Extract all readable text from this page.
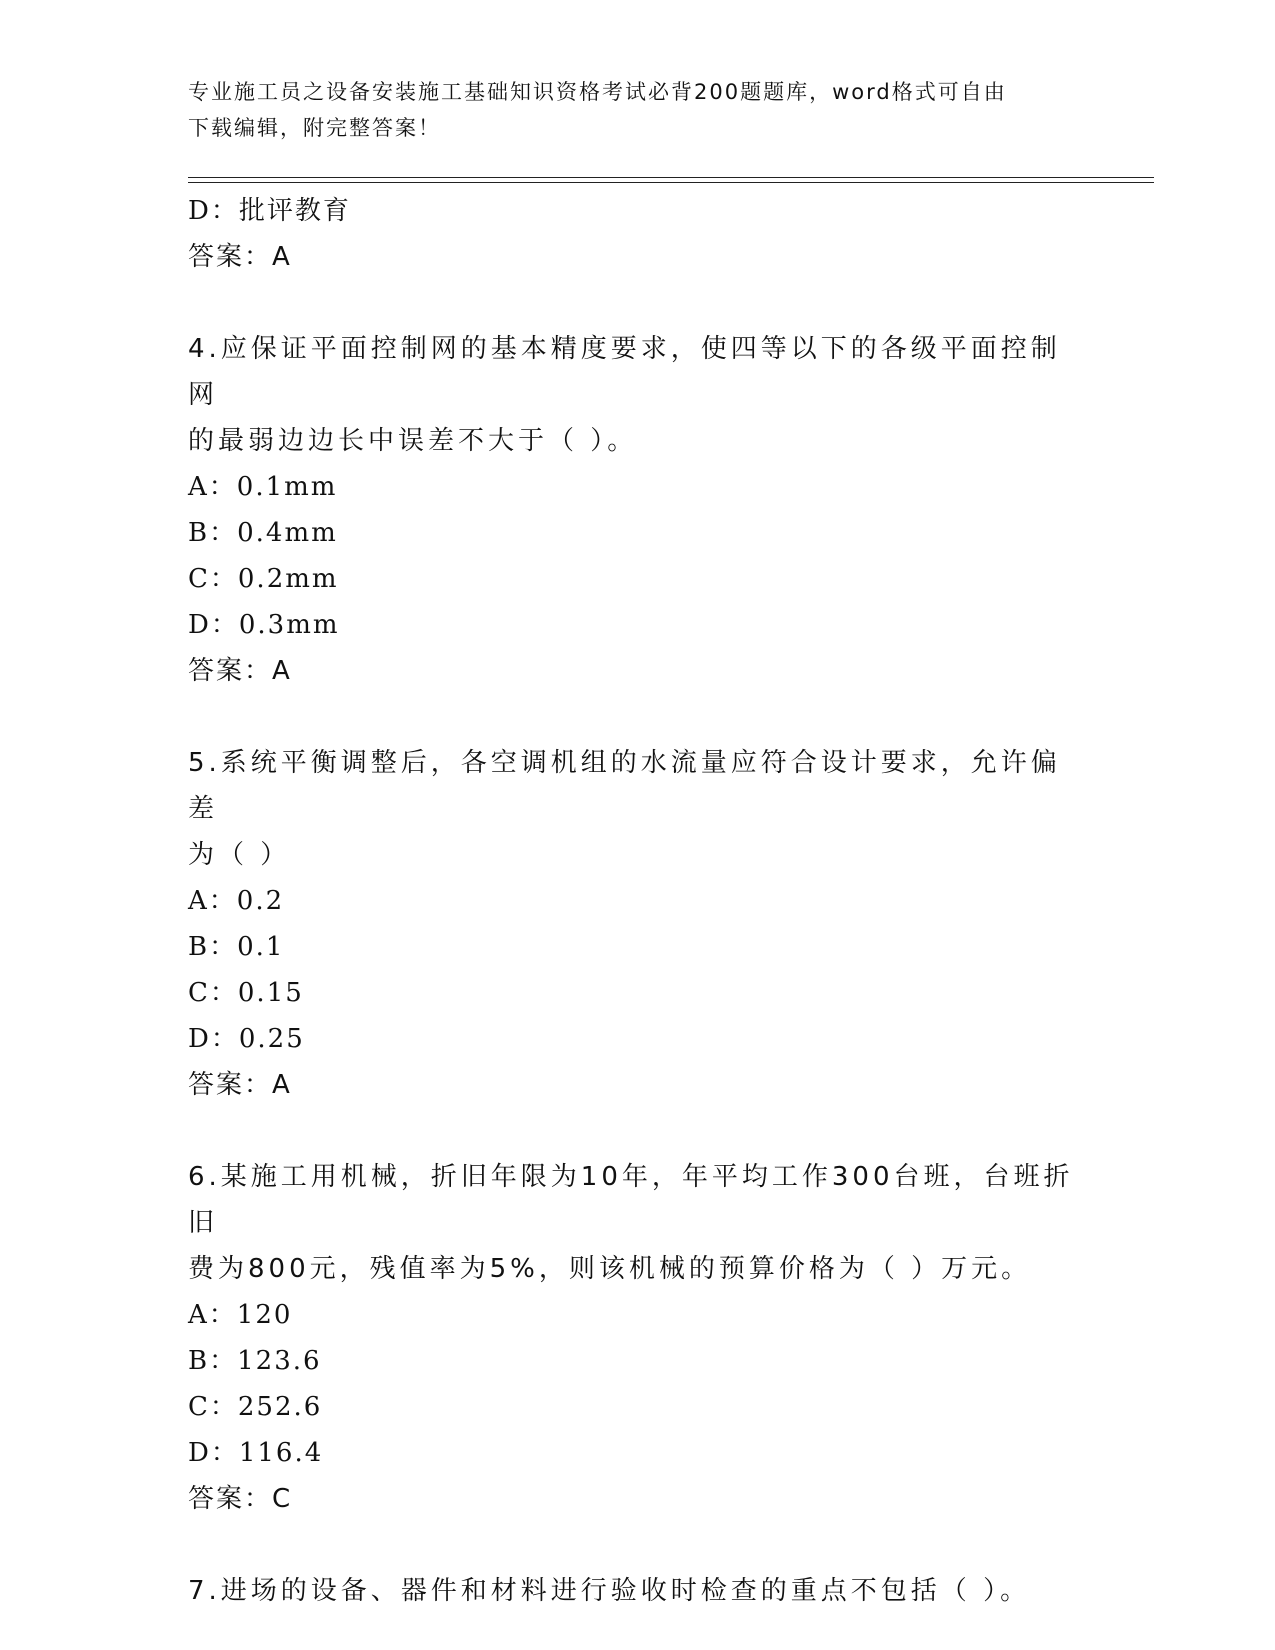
专业施工员之设备安装施工基础知识资格考试必背200题题库，word格式可自由
下载编辑，附完整答案！
D：批评教育
答案：A
4.应保证平面控制网的基本精度要求，使四等以下的各级平面控制网
的最弱边边长中误差不大于（ ）。
A：0.1mm
B：0.4mm
C：0.2mm
D：0.3mm
答案：A
5.系统平衡调整后，各空调机组的水流量应符合设计要求，允许偏差
为（ ）
A：0.2
B：0.1
C：0.15
D：0.25
答案：A
6.某施工用机械，折旧年限为10年，年平均工作300台班，台班折旧
费为800元，残值率为5%，则该机械的预算价格为（ ）万元。
A：120
B：123.6
C：252.6
D：116.4
答案：C
7.进场的设备、器件和材料进行验收时检查的重点不包括（ ）。
